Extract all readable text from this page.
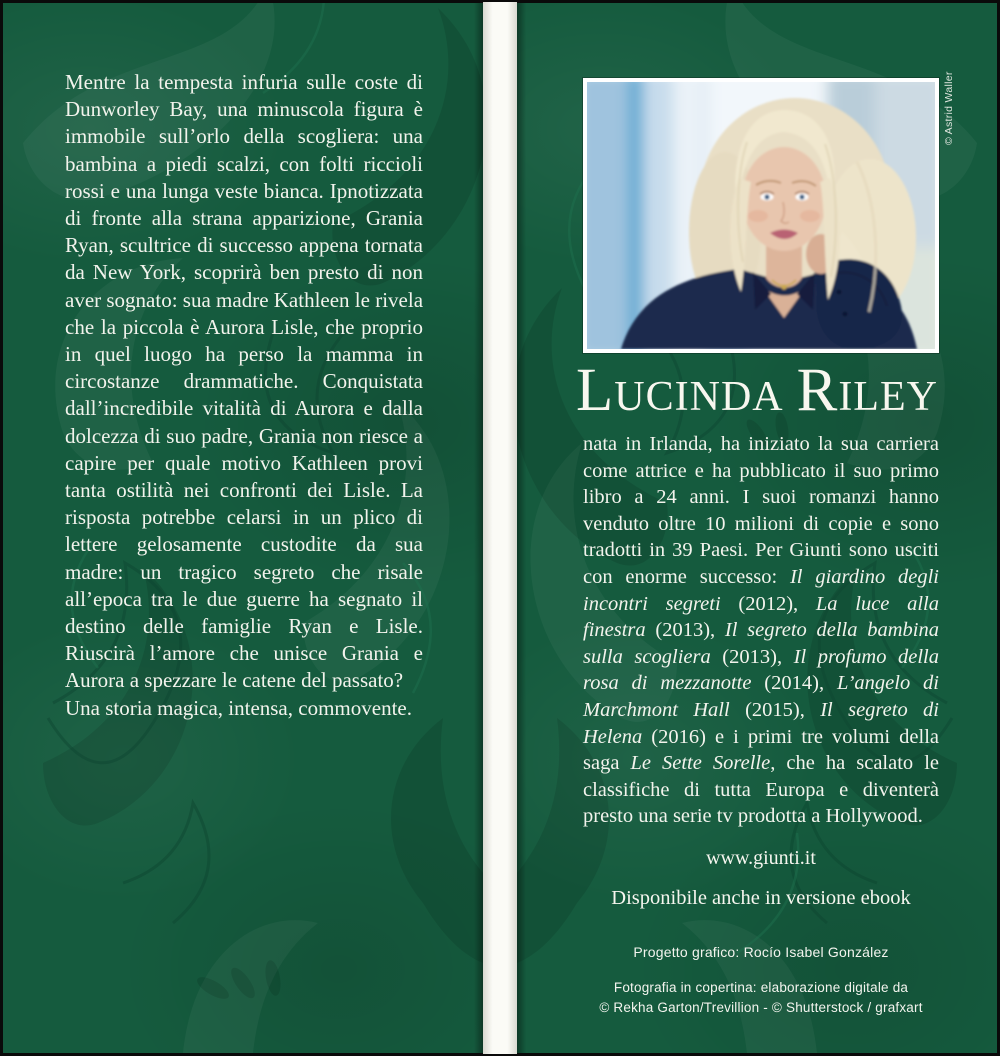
Mentre la tempesta infuria sulle coste di Dunworley Bay, una minuscola figura è immobile sull’orlo della scogliera: una bambina a piedi scalzi, con folti riccioli rossi e una lunga veste bianca. Ipnotizzata di fronte alla strana apparizione, Grania Ryan, scultrice di successo appena tornata da New York, scoprirà ben presto di non aver sognato: sua madre Kathleen le rivela che la piccola è Aurora Lisle, che proprio in quel luogo ha perso la mamma in circostanze drammatiche. Conquistata dall’incredibile vitalità di Aurora e dalla dolcezza di suo padre, Grania non riesce a capire per quale motivo Kathleen provi tanta ostilità nei confronti dei Lisle. La risposta potrebbe celarsi in un plico di lettere gelosamente custodite da sua madre: un tragico segreto che risale all’epoca tra le due guerre ha segnato il destino delle famiglie Ryan e Lisle. Riuscirà l’amore che unisce Grania e Aurora a spezzare le catene del passato?

Una storia magica, intensa, commovente.

© Astrid Waller
LUCINDA RILEY

nata in Irlanda, ha iniziato la sua carriera come attrice e ha pubblicato il suo primo libro a 24 anni. I suoi romanzi hanno venduto oltre 10 milioni di copie e sono tradotti in 39 Paesi. Per Giunti sono usciti con enorme successo: Il giardino degli incontri segreti (2012), La luce alla finestra (2013), Il segreto della bambina sulla scogliera (2013), Il profumo della rosa di mezzanotte (2014), L’angelo di Marchmont Hall (2015), Il segreto di Helena (2016) e i primi tre volumi della saga Le Sette Sorelle, che ha scalato le classifiche di tutta Europa e diventerà presto una serie tv prodotta a Hollywood.

www.giunti.it

Disponibile anche in versione ebook

Progetto grafico: Rocío Isabel González

Fotografia in copertina: elaborazione digitale da
© Rekha Garton/Trevillion - © Shutterstock / grafxart
